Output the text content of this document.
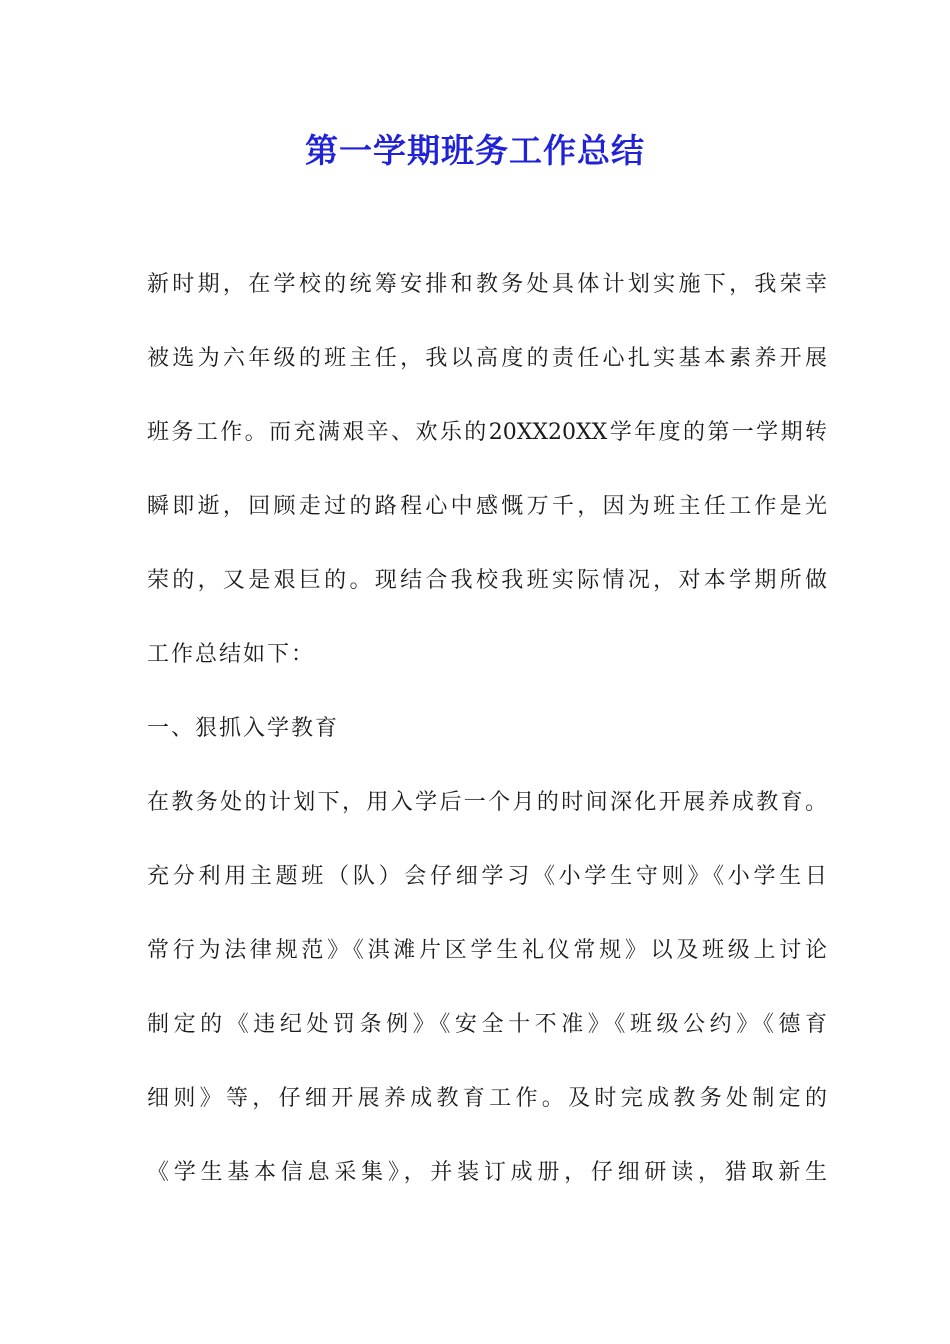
第一学期班务工作总结
新时期，在学校的统筹安排和教务处具体计划实施下，我荣幸
被选为六年级的班主任，我以高度的责任心扎实基本素养开展
班务工作。而充满艰辛、欢乐的20XX20XX学年度的第一学期转
瞬即逝，回顾走过的路程心中感慨万千，因为班主任工作是光
荣的，又是艰巨的。现结合我校我班实际情况，对本学期所做
工作总结如下：
一、狠抓入学教育
在教务处的计划下，用入学后一个月的时间深化开展养成教育。
充分利用主题班（队）会仔细学习《小学生守则》《小学生日
常行为法律规范》《淇滩片区学生礼仪常规》以及班级上讨论
制定的《违纪处罚条例》《安全十不准》《班级公约》《德育
细则》等，仔细开展养成教育工作。及时完成教务处制定的
《学生基本信息采集》，并装订成册，仔细研读，猎取新生
